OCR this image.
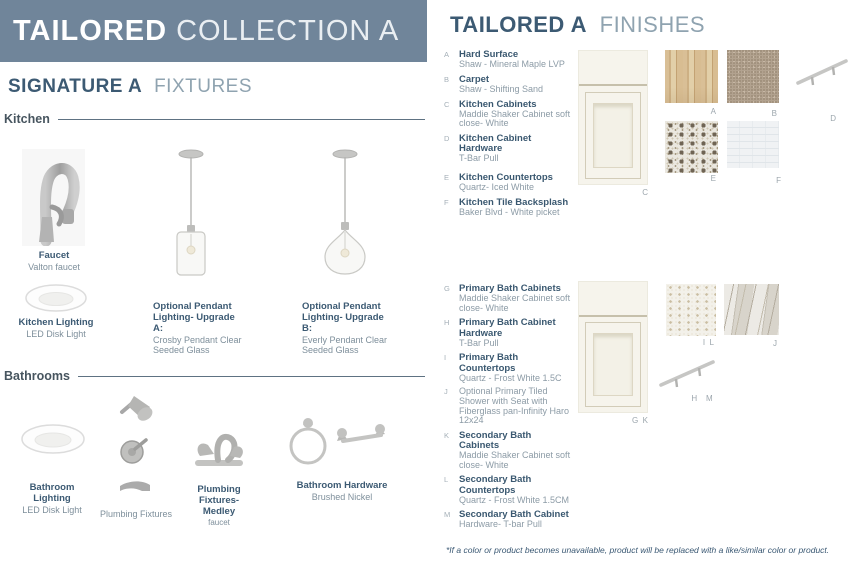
TAILORED COLLECTION A
SIGNATURE A FIXTURES
Kitchen
Faucet
Valton faucet
Kitchen Lighting
LED Disk Light
Optional Pendant Lighting- Upgrade A:
Crosby Pendant Clear Seeded Glass
Optional Pendant Lighting- Upgrade B:
Everly Pendant Clear Seeded Glass
Bathrooms
Bathroom Lighting
LED Disk Light	Plumbing Fixtures
Plumbing
Fixtures-Medley
faucet
Bathroom Hardware
Brushed Nickel
TAILORED A FINISHES
A Hard Surface
Shaw - Mineral Maple LVP
B Carpet
Shaw - Shifting Sand
C Kitchen Cabinets
Maddie Shaker Cabinet soft close- White
D Kitchen Cabinet Hardware
T-Bar Pull
E Kitchen Countertops
Quartz- Iced White
F Kitchen Tile Backsplash
Baker Blvd - White picket
C
A	B
D
E	F
G Primary Bath Cabinets
Maddie Shaker Cabinet soft close- White
H Primary Bath Cabinet Hardware
T-Bar Pull
I Primary Bath Countertops
Quartz - Frost White 1.5C
J Optional Primary Tiled Shower with Seat with Fiberglass pan-Infinity Haro 12x24
K Secondary Bath Cabinets
Maddie Shaker Cabinet soft close- White
L Secondary Bath Countertops
Quartz - Frost White 1.5CM
M Secondary Bath Cabinet
Hardware- T-bar Pull
G  K
I  L	J
H    M
*If a color or product becomes unavailable, product will be replaced with a like/similar color or product.
